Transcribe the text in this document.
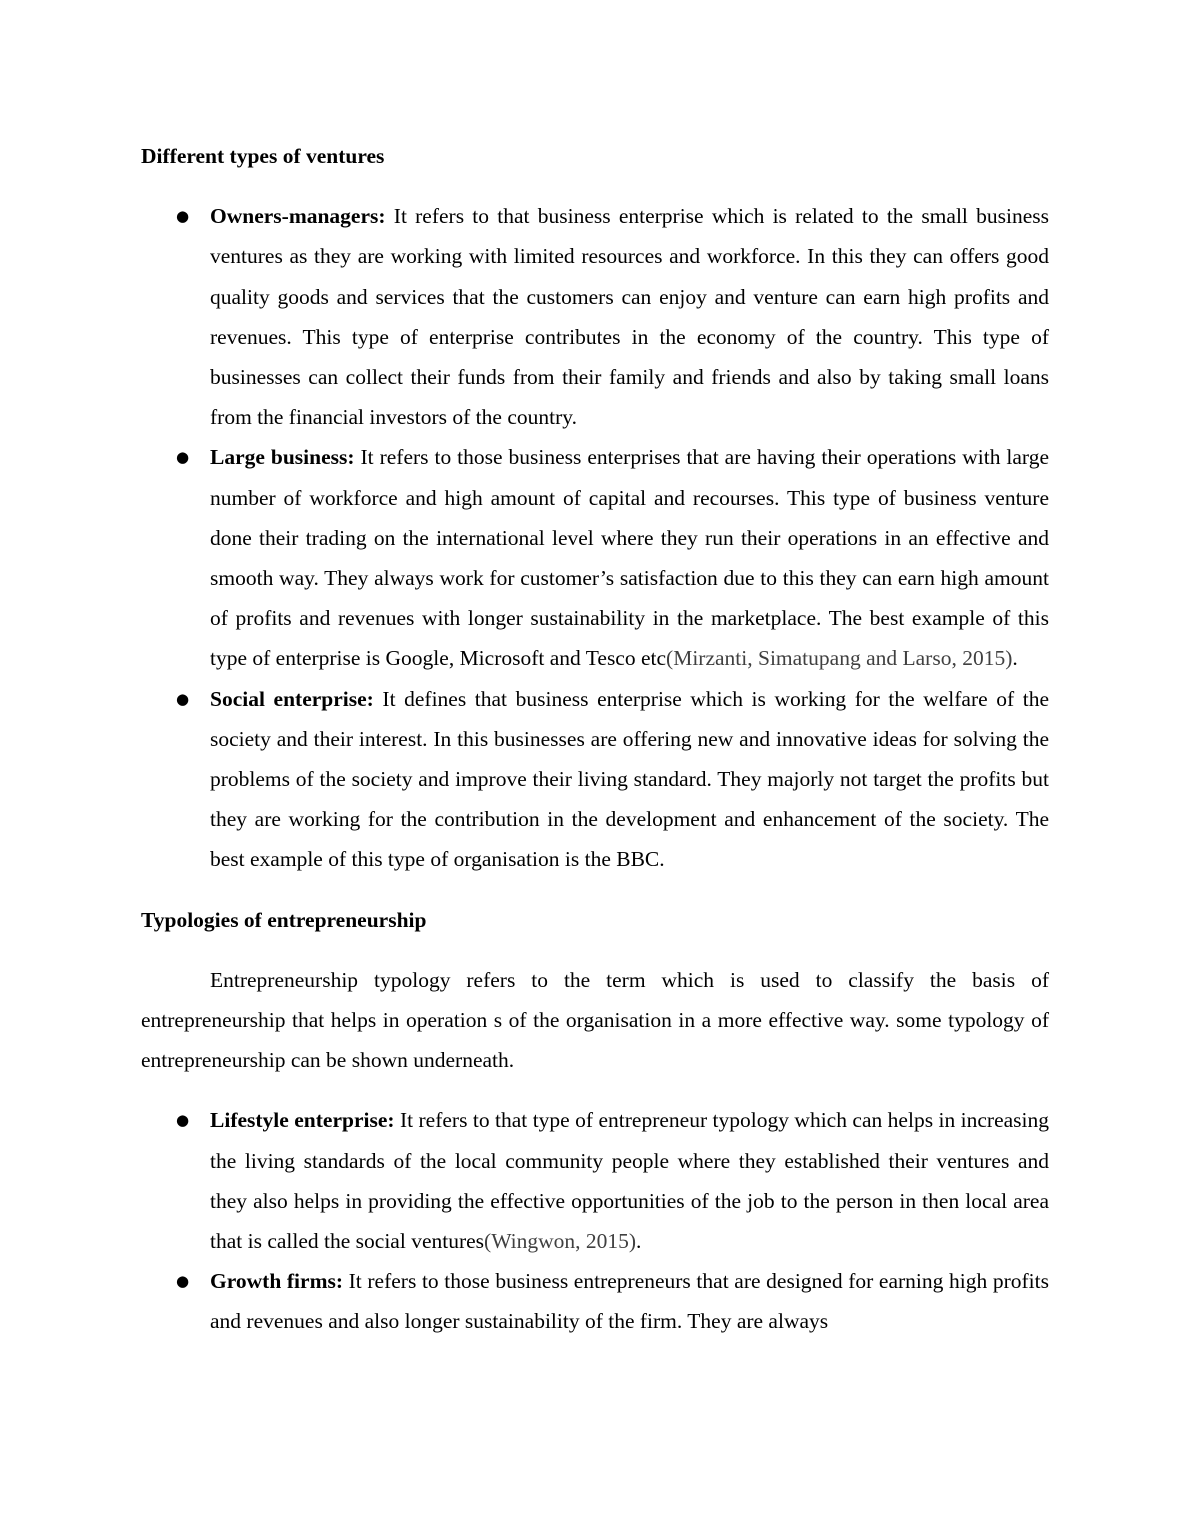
Different types of ventures

● Owners-managers: It refers to that business enterprise which is related to the small business ventures as they are working with limited resources and workforce. In this they can offers good quality goods and services that the customers can enjoy and venture can earn high profits and revenues. This type of enterprise contributes in the economy of the country. This type of businesses can collect their funds from their family and friends and also by taking small loans from the financial investors of the country.
● Large business: It refers to those business enterprises that are having their operations with large number of workforce and high amount of capital and recourses. This type of business venture done their trading on the international level where they run their operations in an effective and smooth way. They always work for customer’s satisfaction due to this they can earn high amount of profits and revenues with longer sustainability in the marketplace. The best example of this type of enterprise is Google, Microsoft and Tesco etc(Mirzanti, Simatupang and Larso, 2015).
● Social enterprise: It defines that business enterprise which is working for the welfare of the society and their interest. In this businesses are offering new and innovative ideas for solving the problems of the society and improve their living standard. They majorly not target the profits but they are working for the contribution in the development and enhancement of the society. The best example of this type of organisation is the BBC.

Typologies of entrepreneurship

Entrepreneurship typology refers to the term which is used to classify the basis of entrepreneurship that helps in operation s of the organisation in a more effective way. some typology of entrepreneurship can be shown underneath.

● Lifestyle enterprise: It refers to that type of entrepreneur typology which can helps in increasing the living standards of the local community people where they established their ventures and they also helps in providing the effective opportunities of the job to the person in then local area that is called the social ventures(Wingwon, 2015).
● Growth firms: It refers to those business entrepreneurs that are designed for earning high profits and revenues and also longer sustainability of the firm. They are always
